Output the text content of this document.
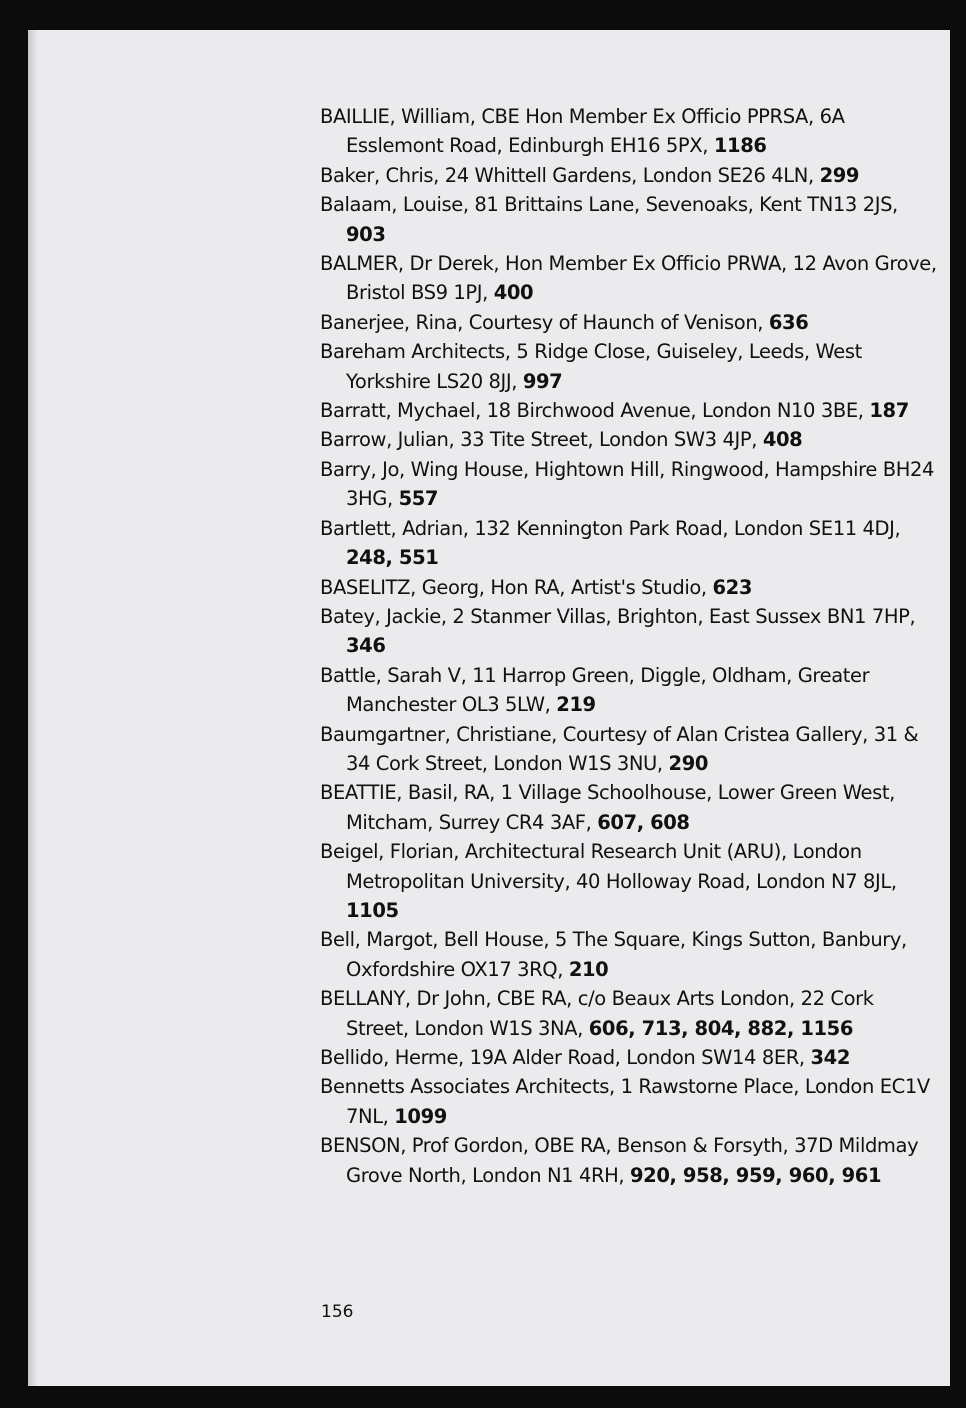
BAILLIE, William, CBE Hon Member Ex Officio PPRSA, 6A Esslemont Road, Edinburgh EH16 5PX, 1186

Baker, Chris, 24 Whittell Gardens, London SE26 4LN, 299

Balaam, Louise, 81 Brittains Lane, Sevenoaks, Kent TN13 2JS, 903

BALMER, Dr Derek, Hon Member Ex Officio PRWA, 12 Avon Grove, Bristol BS9 1PJ, 400

Banerjee, Rina, Courtesy of Haunch of Venison, 636

Bareham Architects, 5 Ridge Close, Guiseley, Leeds, West Yorkshire LS20 8JJ, 997

Barratt, Mychael, 18 Birchwood Avenue, London N10 3BE, 187

Barrow, Julian, 33 Tite Street, London SW3 4JP, 408

Barry, Jo, Wing House, Hightown Hill, Ringwood, Hampshire BH24 3HG, 557

Bartlett, Adrian, 132 Kennington Park Road, London SE11 4DJ, 248, 551

BASELITZ, Georg, Hon RA, Artist's Studio, 623

Batey, Jackie, 2 Stanmer Villas, Brighton, East Sussex BN1 7HP, 346

Battle, Sarah V, 11 Harrop Green, Diggle, Oldham, Greater Manchester OL3 5LW, 219

Baumgartner, Christiane, Courtesy of Alan Cristea Gallery, 31 & 34 Cork Street, London W1S 3NU, 290

BEATTIE, Basil, RA, 1 Village Schoolhouse, Lower Green West, Mitcham, Surrey CR4 3AF, 607, 608

Beigel, Florian, Architectural Research Unit (ARU), London Metropolitan University, 40 Holloway Road, London N7 8JL, 1105

Bell, Margot, Bell House, 5 The Square, Kings Sutton, Banbury, Oxfordshire OX17 3RQ, 210

BELLANY, Dr John, CBE RA, c/o Beaux Arts London, 22 Cork Street, London W1S 3NA, 606, 713, 804, 882, 1156

Bellido, Herme, 19A Alder Road, London SW14 8ER, 342

Bennetts Associates Architects, 1 Rawstorne Place, London EC1V 7NL, 1099

BENSON, Prof Gordon, OBE RA, Benson & Forsyth, 37D Mildmay Grove North, London N1 4RH, 920, 958, 959, 960, 961

156
